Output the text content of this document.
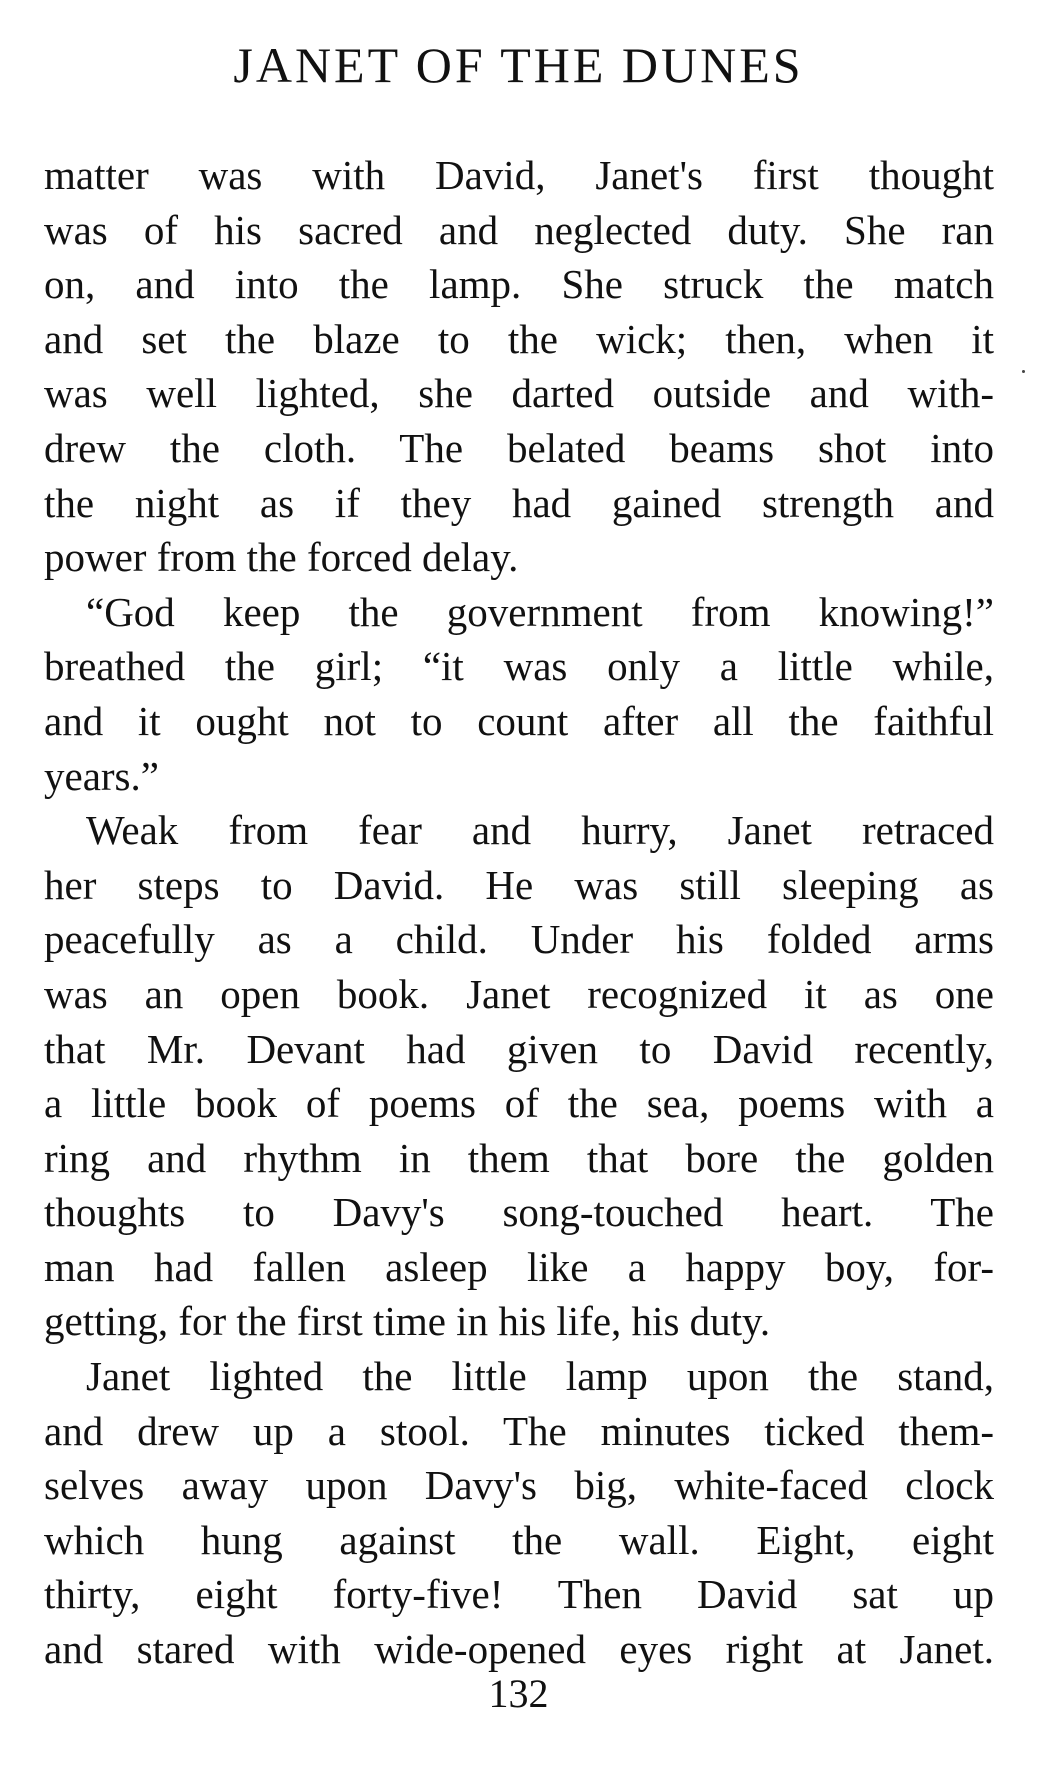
JANET OF THE DUNES
matter was with David, Janet's first thought
was of his sacred and neglected duty. She ran
on, and into the lamp. She struck the match
and set the blaze to the wick; then, when it
was well lighted, she darted outside and with-
drew the cloth. The belated beams shot into
the night as if they had gained strength and
power from the forced delay.
“God keep the government from knowing!”
breathed the girl; “it was only a little while,
and it ought not to count after all the faithful
years.”
Weak from fear and hurry, Janet retraced
her steps to David. He was still sleeping as
peacefully as a child. Under his folded arms
was an open book. Janet recognized it as one
that Mr. Devant had given to David recently,
a little book of poems of the sea, poems with a
ring and rhythm in them that bore the golden
thoughts to Davy's song-touched heart. The
man had fallen asleep like a happy boy, for-
getting, for the first time in his life, his duty.
Janet lighted the little lamp upon the stand,
and drew up a stool. The minutes ticked them-
selves away upon Davy's big, white-faced clock
which hung against the wall. Eight, eight
thirty, eight forty-five! Then David sat up
and stared with wide-opened eyes right at Janet.
132
